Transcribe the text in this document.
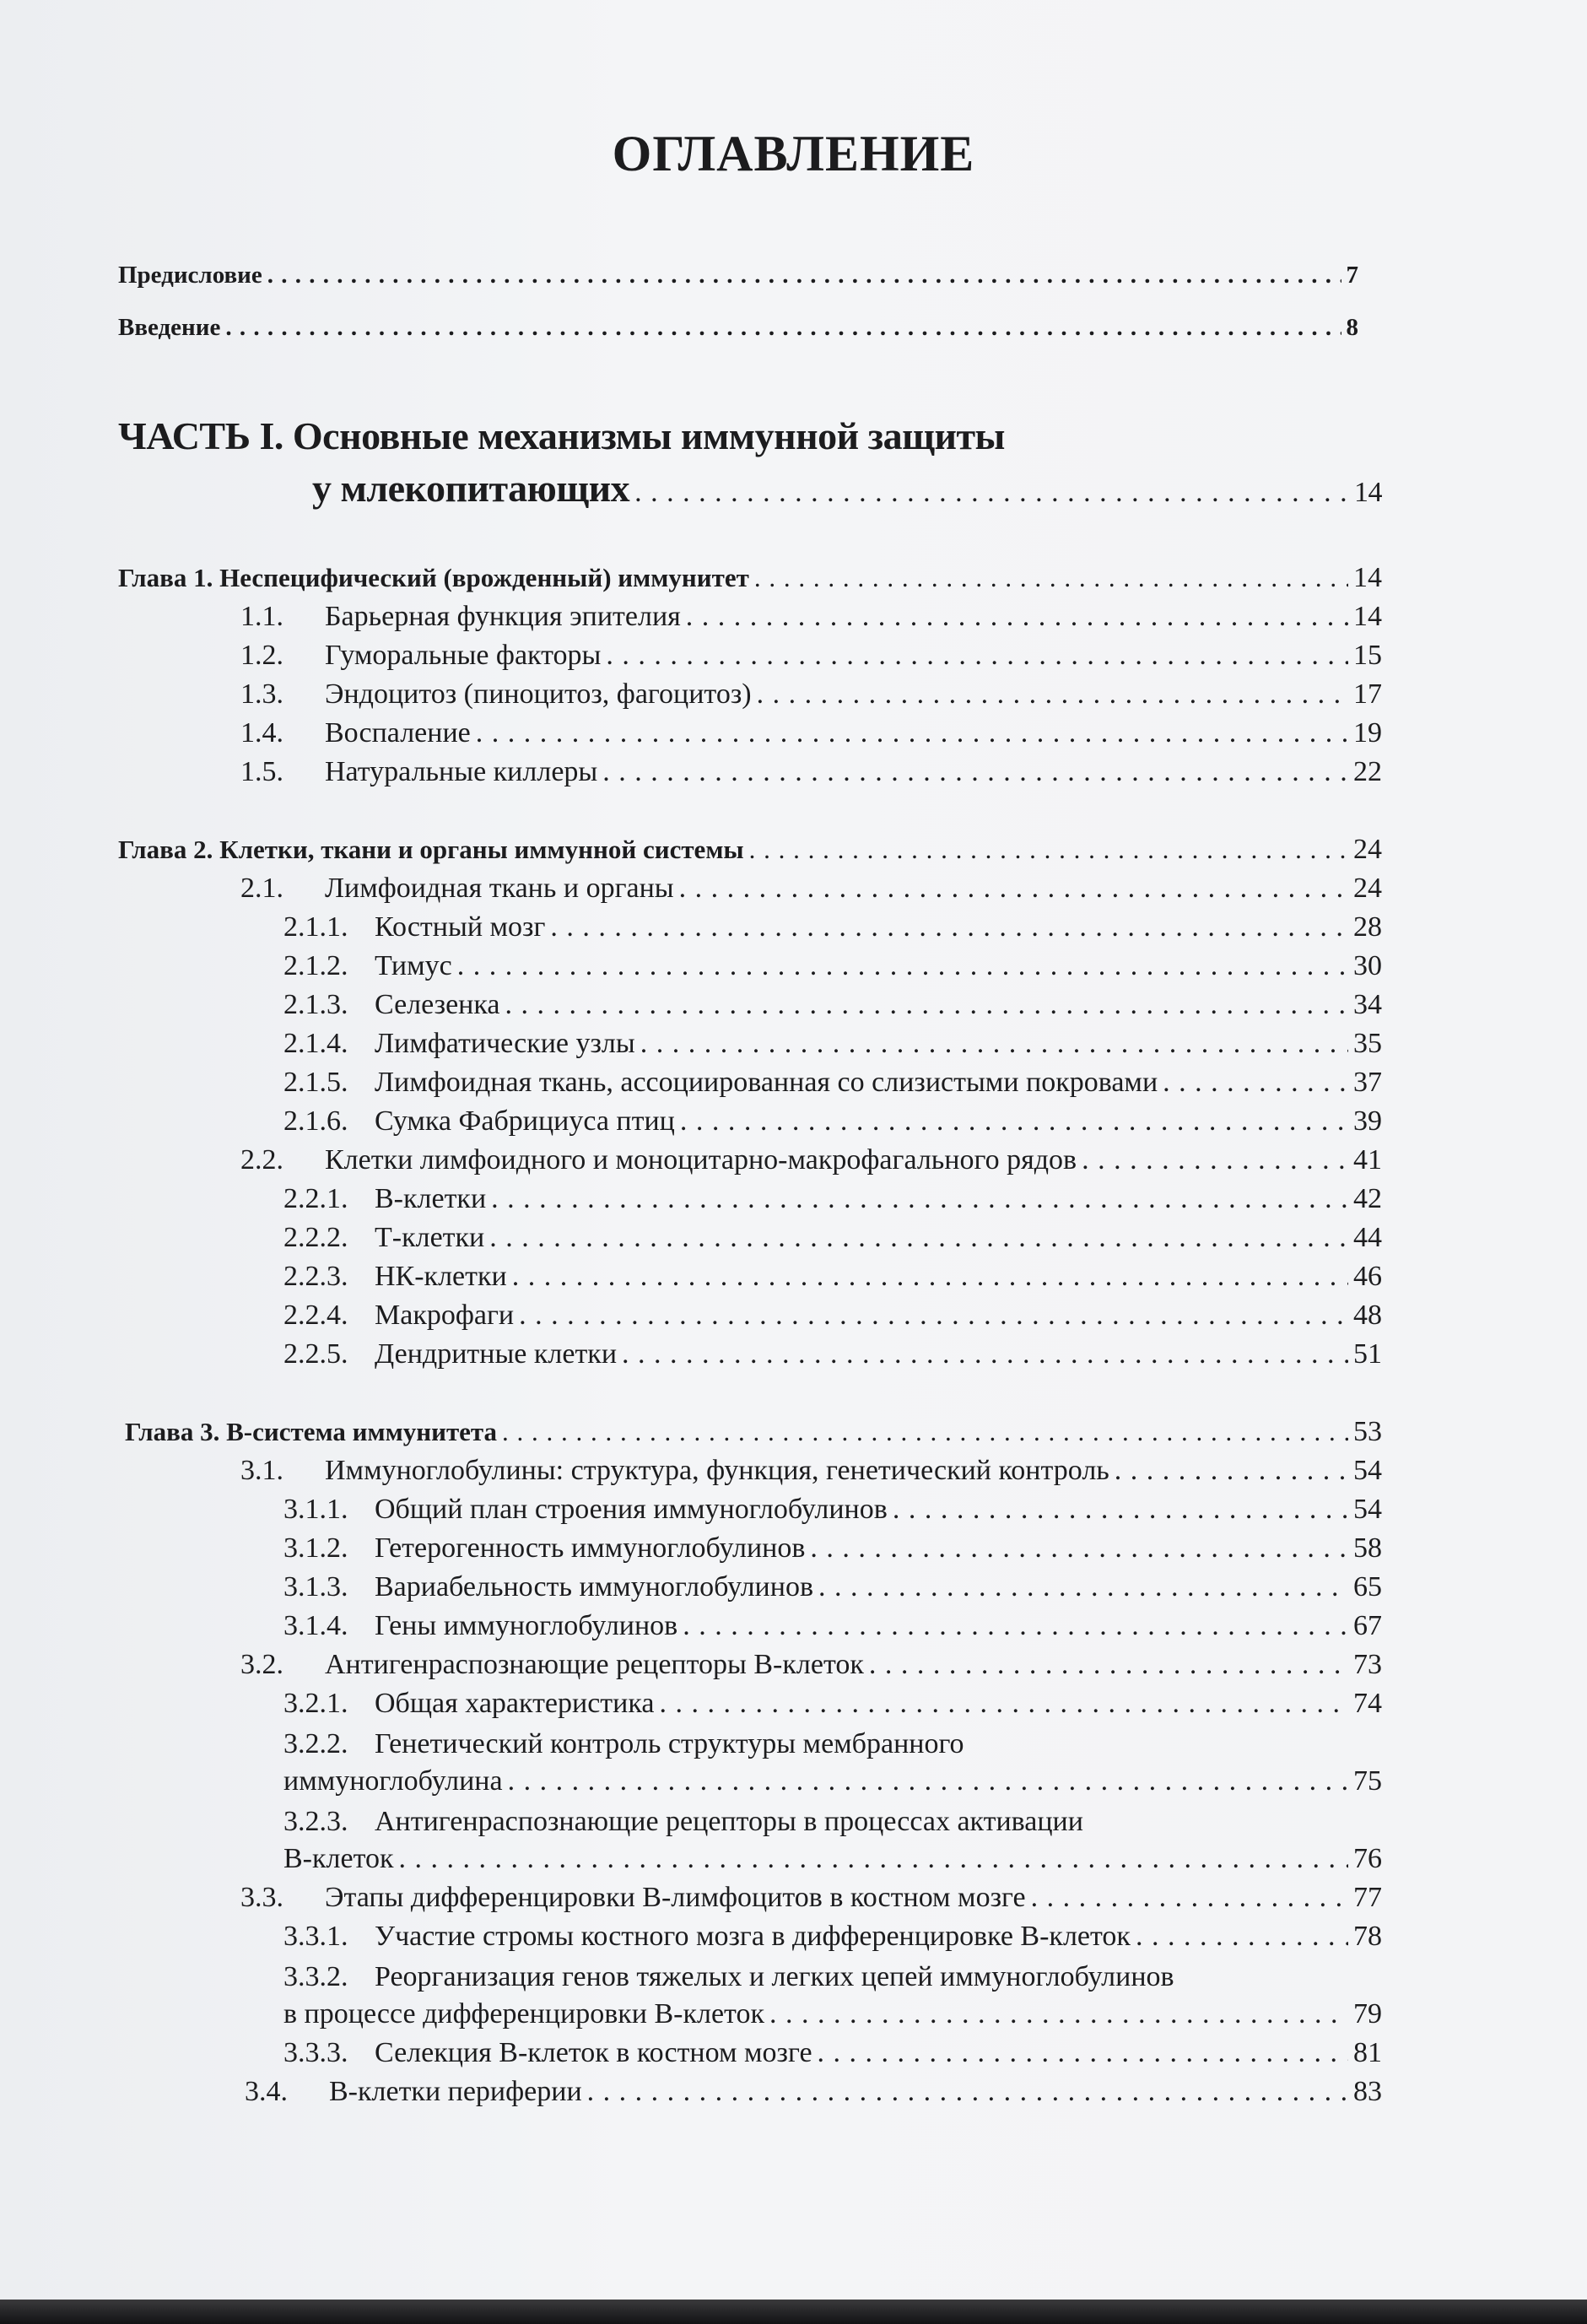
ОГЛАВЛЕНИЕ
Предисловие . . .	7
Введение . . .	8
ЧАСТЬ I. Основные механизмы иммунной защиты
у млекопитающих . . .	14
Глава 1. Неспецифический (врожденный) иммунитет . . .	14
1.1.	Барьерная функция эпителия . . .	14
1.2.	Гуморальные факторы . . .	15
1.3.	Эндоцитоз (пиноцитоз, фагоцитоз) . . .	17
1.4.	Воспаление . . .	19
1.5.	Натуральные киллеры . . .	22
Глава 2. Клетки, ткани и органы иммунной системы . . .	24
2.1.	Лимфоидная ткань и органы . . .	24
2.1.1. Костный мозг . . .	28
2.1.2. Тимус . . .	30
2.1.3. Селезенка . . .	34
2.1.4. Лимфатические узлы . . .	35
2.1.5. Лимфоидная ткань, ассоциированная со слизистыми покровами . . .	37
2.1.6. Сумка Фабрициуса птиц . . .	39
2.2.	Клетки лимфоидного и моноцитарно-макрофагального рядов . . .	41
2.2.1. В-клетки . . .	42
2.2.2. Т-клетки . . .	44
2.2.3. НК-клетки . . .	46
2.2.4. Макрофаги . . .	48
2.2.5. Дендритные клетки . . .	51
Глава 3. В-система иммунитета . . .	53
3.1.	Иммуноглобулины: структура, функция, генетический контроль . . .	54
3.1.1. Общий план строения иммуноглобулинов . . .	54
3.1.2. Гетерогенность иммуноглобулинов . . .	58
3.1.3. Вариабельность иммуноглобулинов . . .	65
3.1.4. Гены иммуноглобулинов . . .	67
3.2.	Антигенраспознающие рецепторы В-клеток . . .	73
3.2.1. Общая характеристика . . .	74
3.2.2. Генетический контроль структуры мембранного
иммуноглобулина . . .	75
3.2.3. Антигенраспознающие рецепторы в процессах активации
В-клеток . . .	76
3.3.	Этапы дифференцировки В-лимфоцитов в костном мозге . . .	77
3.3.1. Участие стромы костного мозга в дифференцировке В-клеток . . .	78
3.3.2. Реорганизация генов тяжелых и легких цепей иммуноглобулинов
в процессе дифференцировки В-клеток . . .	79
3.3.3. Селекция В-клеток в костном мозге . . .	81
3.4.	В-клетки периферии . . .	83
